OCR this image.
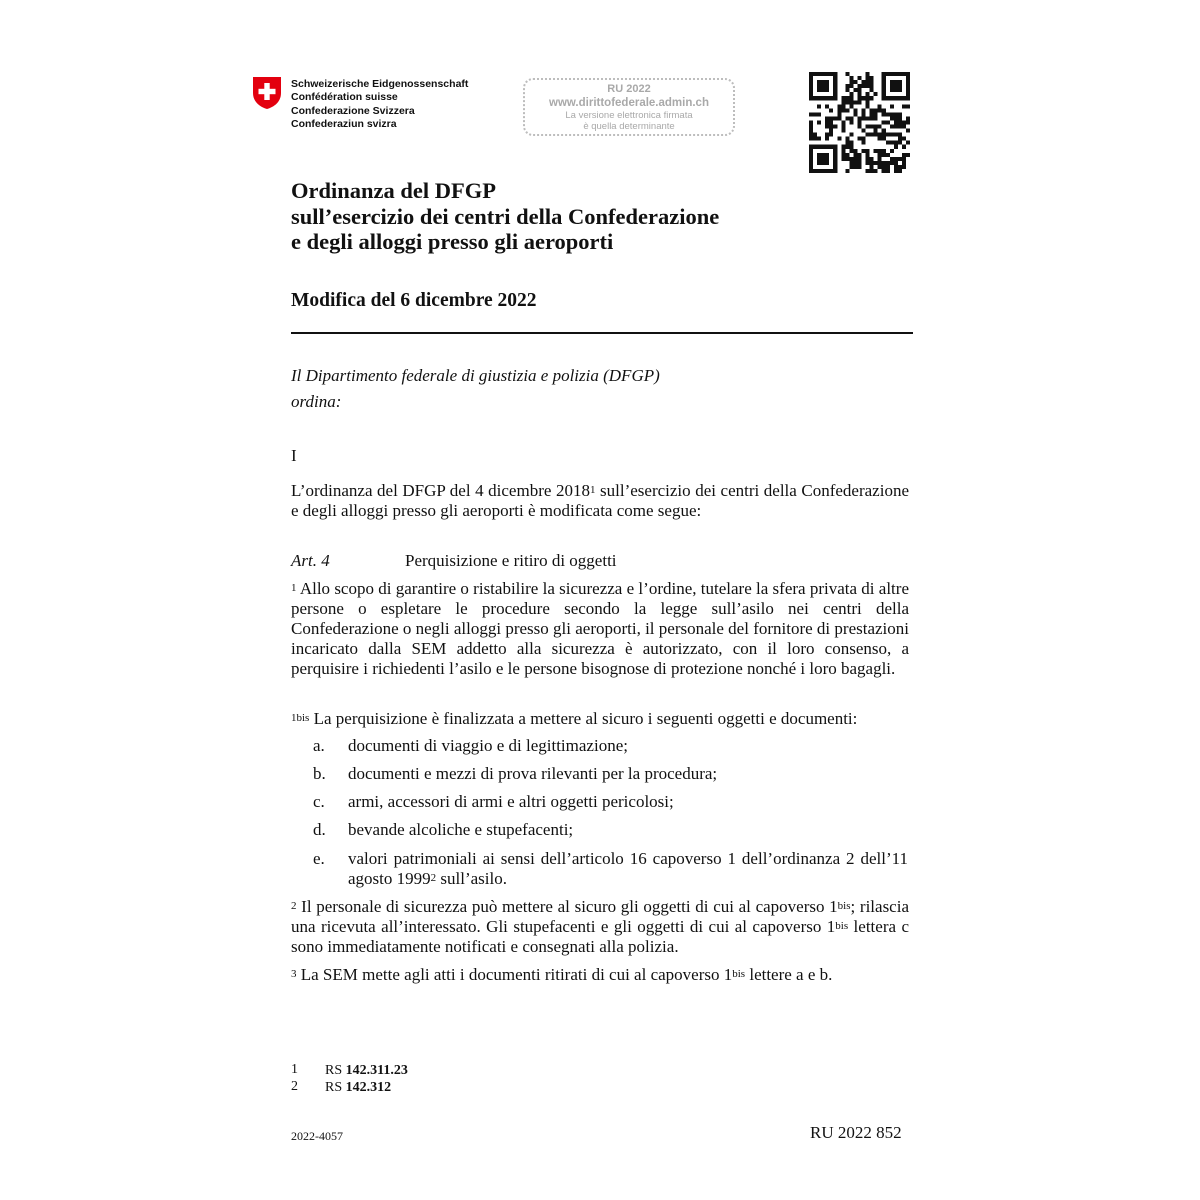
Schweizerische Eidgenossenschaft
Confédération suisse
Confederazione Svizzera
Confederaziun svizra
RU 2022
www.dirittofederale.admin.ch
La versione elettronica firmata
è quella determinante
Ordinanza del DFGP
sull’esercizio dei centri della Confederazione
e degli alloggi presso gli aeroporti
Modifica del 6 dicembre 2022
Il Dipartimento federale di giustizia e polizia (DFGP)
ordina:
I
L’ordinanza del DFGP del 4 dicembre 2018$^1$ sull’esercizio dei centri della Confederazione e degli alloggi presso gli aeroporti è modificata come segue:
Art. 4	Perquisizione e ritiro di oggetti
$^1$ Allo scopo di garantire o ristabilire la sicurezza e l’ordine, tutelare la sfera privata di altre persone o espletare le procedure secondo la legge sull’asilo nei centri della Confederazione o negli alloggi presso gli aeroporti, il personale del fornitore di prestazioni incaricato dalla SEM addetto alla sicurezza è autorizzato, con il loro consenso, a perquisire i richiedenti l’asilo e le persone bisognose di protezione nonché i loro bagagli.
$^{1bis}$ La perquisizione è finalizzata a mettere al sicuro i seguenti oggetti e documenti:
a. documenti di viaggio e di legittimazione;
b. documenti e mezzi di prova rilevanti per la procedura;
c. armi, accessori di armi e altri oggetti pericolosi;
d. bevande alcoliche e stupefacenti;
e. valori patrimoniali ai sensi dell’articolo 16 capoverso 1 dell’ordinanza 2 dell’11 agosto 1999$^2$ sull’asilo.
$^2$ Il personale di sicurezza può mettere al sicuro gli oggetti di cui al capoverso $1^{bis}$; rilascia una ricevuta all’interessato. Gli stupefacenti e gli oggetti di cui al capoverso $1^{bis}$ lettera c sono immediatamente notificati e consegnati alla polizia.
$^3$ La SEM mette agli atti i documenti ritirati di cui al capoverso $1^{bis}$ lettere a e b.
1 RS 142.311.23
2 RS 142.312
2022-4057	RU 2022 852
